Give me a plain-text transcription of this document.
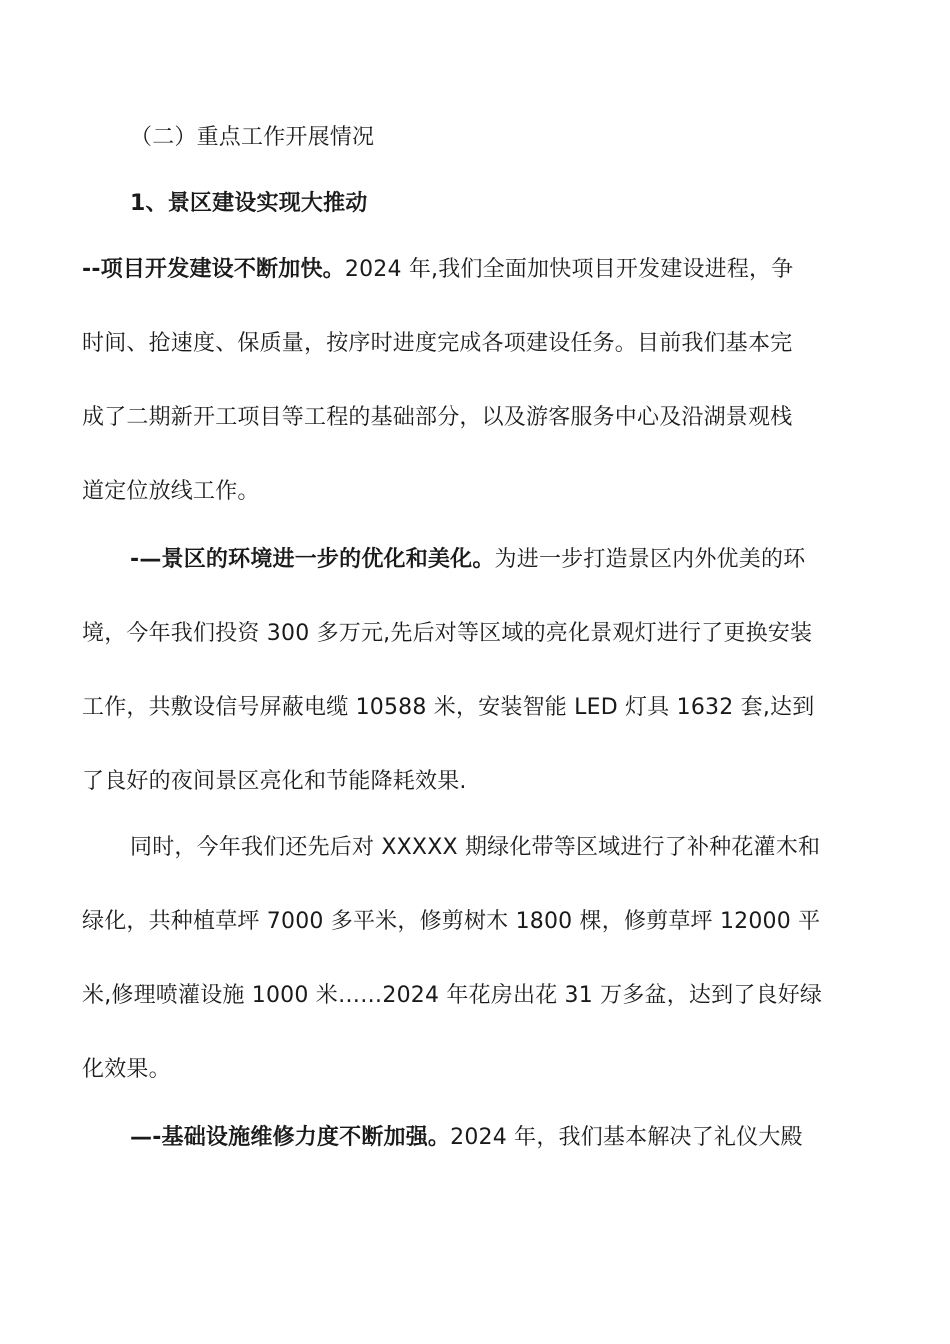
（二）重点工作开展情况
1、景区建设实现大推动
--项目开发建设不断加快。2024 年,我们全面加快项目开发建设进程，争
时间、抢速度、保质量，按序时进度完成各项建设任务。目前我们基本完
成了二期新开工项目等工程的基础部分，以及游客服务中心及沿湖景观栈
道定位放线工作。
-—景区的环境进一步的优化和美化。为进一步打造景区内外优美的环
境，今年我们投资 300 多万元,先后对等区域的亮化景观灯进行了更换安装
工作，共敷设信号屏蔽电缆 10588 米，安装智能 LED 灯具 1632 套,达到
了良好的夜间景区亮化和节能降耗效果.
同时，今年我们还先后对 XXXXX 期绿化带等区域进行了补种花灌木和
绿化，共种植草坪 7000 多平米，修剪树木 1800 棵，修剪草坪 12000 平
米,修理喷灌设施 1000 米……2024 年花房出花 31 万多盆，达到了良好绿
化效果。
—-基础设施维修力度不断加强。2024 年，我们基本解决了礼仪大殿
